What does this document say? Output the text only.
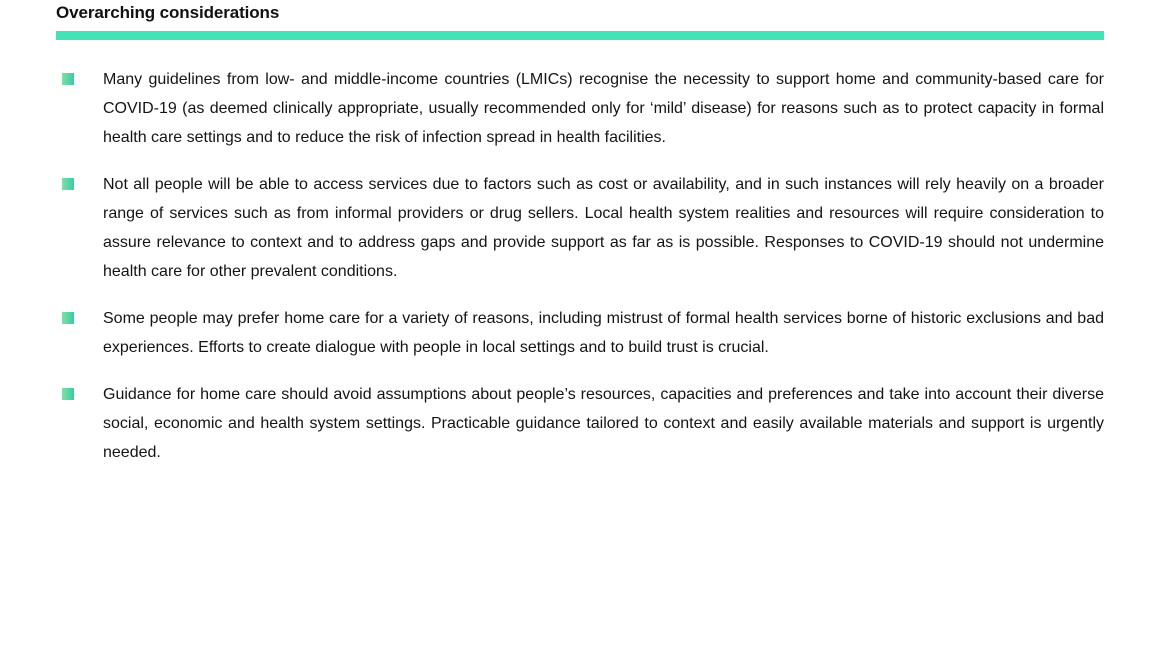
Overarching considerations
Many guidelines from low- and middle-income countries (LMICs) recognise the necessity to support home and community-based care for COVID-19 (as deemed clinically appropriate, usually recommended only for ‘mild’ disease) for reasons such as to protect capacity in formal health care settings and to reduce the risk of infection spread in health facilities.
Not all people will be able to access services due to factors such as cost or availability, and in such instances will rely heavily on a broader range of services such as from informal providers or drug sellers. Local health system realities and resources will require consideration to assure relevance to context and to address gaps and provide support as far as is possible. Responses to COVID-19 should not undermine health care for other prevalent conditions.
Some people may prefer home care for a variety of reasons, including mistrust of formal health services borne of historic exclusions and bad experiences. Efforts to create dialogue with people in local settings and to build trust is crucial.
Guidance for home care should avoid assumptions about people’s resources, capacities and preferences and take into account their diverse social, economic and health system settings. Practicable guidance tailored to context and easily available materials and support is urgently needed.
